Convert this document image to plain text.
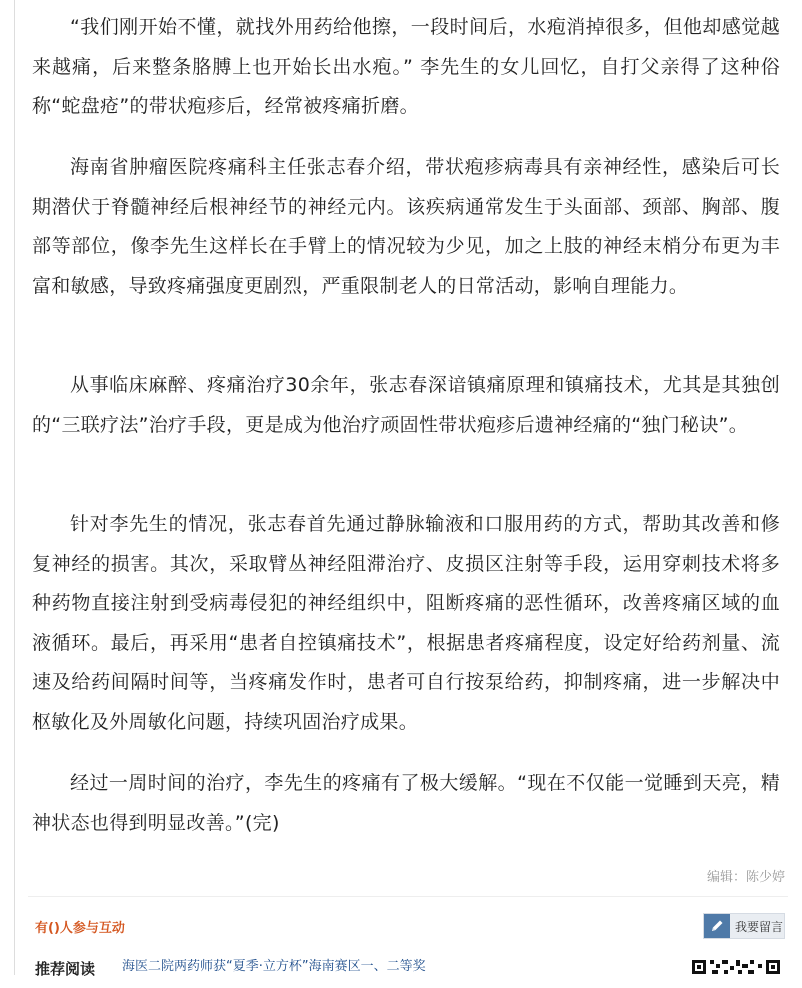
“我们刚开始不懂，就找外用药给他擦，一段时间后，水疱消掉很多，但他却感觉越来越痛，后来整条胳膊上也开始长出水疱。” 李先生的女儿回忆，自打父亲得了这种俗称“蛇盘疮”的带状疱疹后，经常被疼痛折磨。

海南省肿瘤医院疼痛科主任张志春介绍，带状疱疹病毒具有亲神经性，感染后可长期潜伏于脊髓神经后根神经节的神经元内。该疾病通常发生于头面部、颈部、胸部、腹部等部位，像李先生这样长在手臂上的情况较为少见，加之上肢的神经末梢分布更为丰富和敏感，导致疼痛强度更剧烈，严重限制老人的日常活动，影响自理能力。

从事临床麻醉、疼痛治疗30余年，张志春深谙镇痛原理和镇痛技术，尤其是其独创的“三联疗法”治疗手段，更是成为他治疗顽固性带状疱疹后遗神经痛的“独门秘诀”。

针对李先生的情况，张志春首先通过静脉输液和口服用药的方式，帮助其改善和修复神经的损害。其次，采取臂丛神经阻滞治疗、皮损区注射等手段，运用穿刺技术将多种药物直接注射到受病毒侵犯的神经组织中，阻断疼痛的恶性循环，改善疼痛区域的血液循环。最后，再采用“患者自控镇痛技术”，根据患者疼痛程度，设定好给药剂量、流速及给药间隔时间等，当疼痛发作时，患者可自行按泵给药，抑制疼痛，进一步解决中枢敏化及外周敏化问题，持续巩固治疗成果。

经过一周时间的治疗，李先生的疼痛有了极大缓解。“现在不仅能一觉睡到天亮，精神状态也得到明显改善。”(完)

编辑：陈少婷
有()人参与互动	我要留言
推荐阅读 海医二院两药师获“夏季·立方杯”海南赛区一、二等奖
